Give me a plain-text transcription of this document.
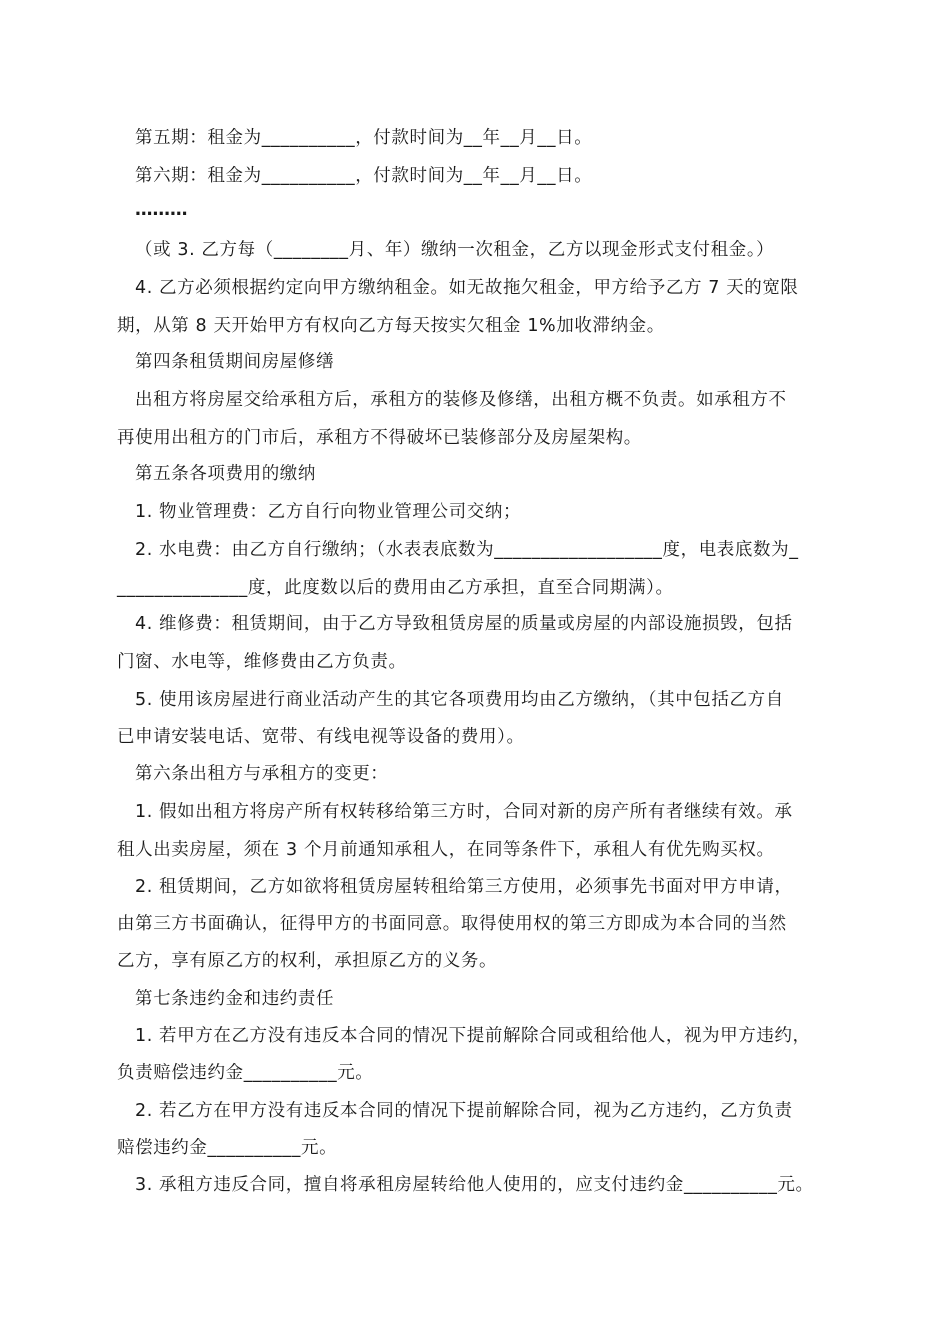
第五期：租金为__________，付款时间为__年__月__日。
第六期：租金为__________，付款时间为__年__月__日。
………
（或 3. 乙方每（________月、年）缴纳一次租金，乙方以现金形式支付租金。）
4. 乙方必须根据约定向甲方缴纳租金。如无故拖欠租金，甲方给予乙方 7 天的宽限
期，从第 8 天开始甲方有权向乙方每天按实欠租金 1%加收滞纳金。
第四条租赁期间房屋修缮
出租方将房屋交给承租方后，承租方的装修及修缮，出租方概不负责。如承租方不
再使用出租方的门市后，承租方不得破坏已装修部分及房屋架构。
第五条各项费用的缴纳
1. 物业管理费：乙方自行向物业管理公司交纳；
2. 水电费：由乙方自行缴纳；（水表表底数为__________________度，电表底数为_
______________度，此度数以后的费用由乙方承担，直至合同期满）。
4. 维修费：租赁期间，由于乙方导致租赁房屋的质量或房屋的内部设施损毁，包括
门窗、水电等，维修费由乙方负责。
5. 使用该房屋进行商业活动产生的其它各项费用均由乙方缴纳，（其中包括乙方自
已申请安装电话、宽带、有线电视等设备的费用）。
第六条出租方与承租方的变更：
1. 假如出租方将房产所有权转移给第三方时，合同对新的房产所有者继续有效。承
租人出卖房屋，须在 3 个月前通知承租人，在同等条件下，承租人有优先购买权。
2. 租赁期间，乙方如欲将租赁房屋转租给第三方使用，必须事先书面对甲方申请，
由第三方书面确认，征得甲方的书面同意。取得使用权的第三方即成为本合同的当然
乙方，享有原乙方的权利，承担原乙方的义务。
第七条违约金和违约责任
1. 若甲方在乙方没有违反本合同的情况下提前解除合同或租给他人，视为甲方违约，
负责赔偿违约金__________元。
2. 若乙方在甲方没有违反本合同的情况下提前解除合同，视为乙方违约，乙方负责
赔偿违约金__________元。
3. 承租方违反合同，擅自将承租房屋转给他人使用的，应支付违约金__________元。
